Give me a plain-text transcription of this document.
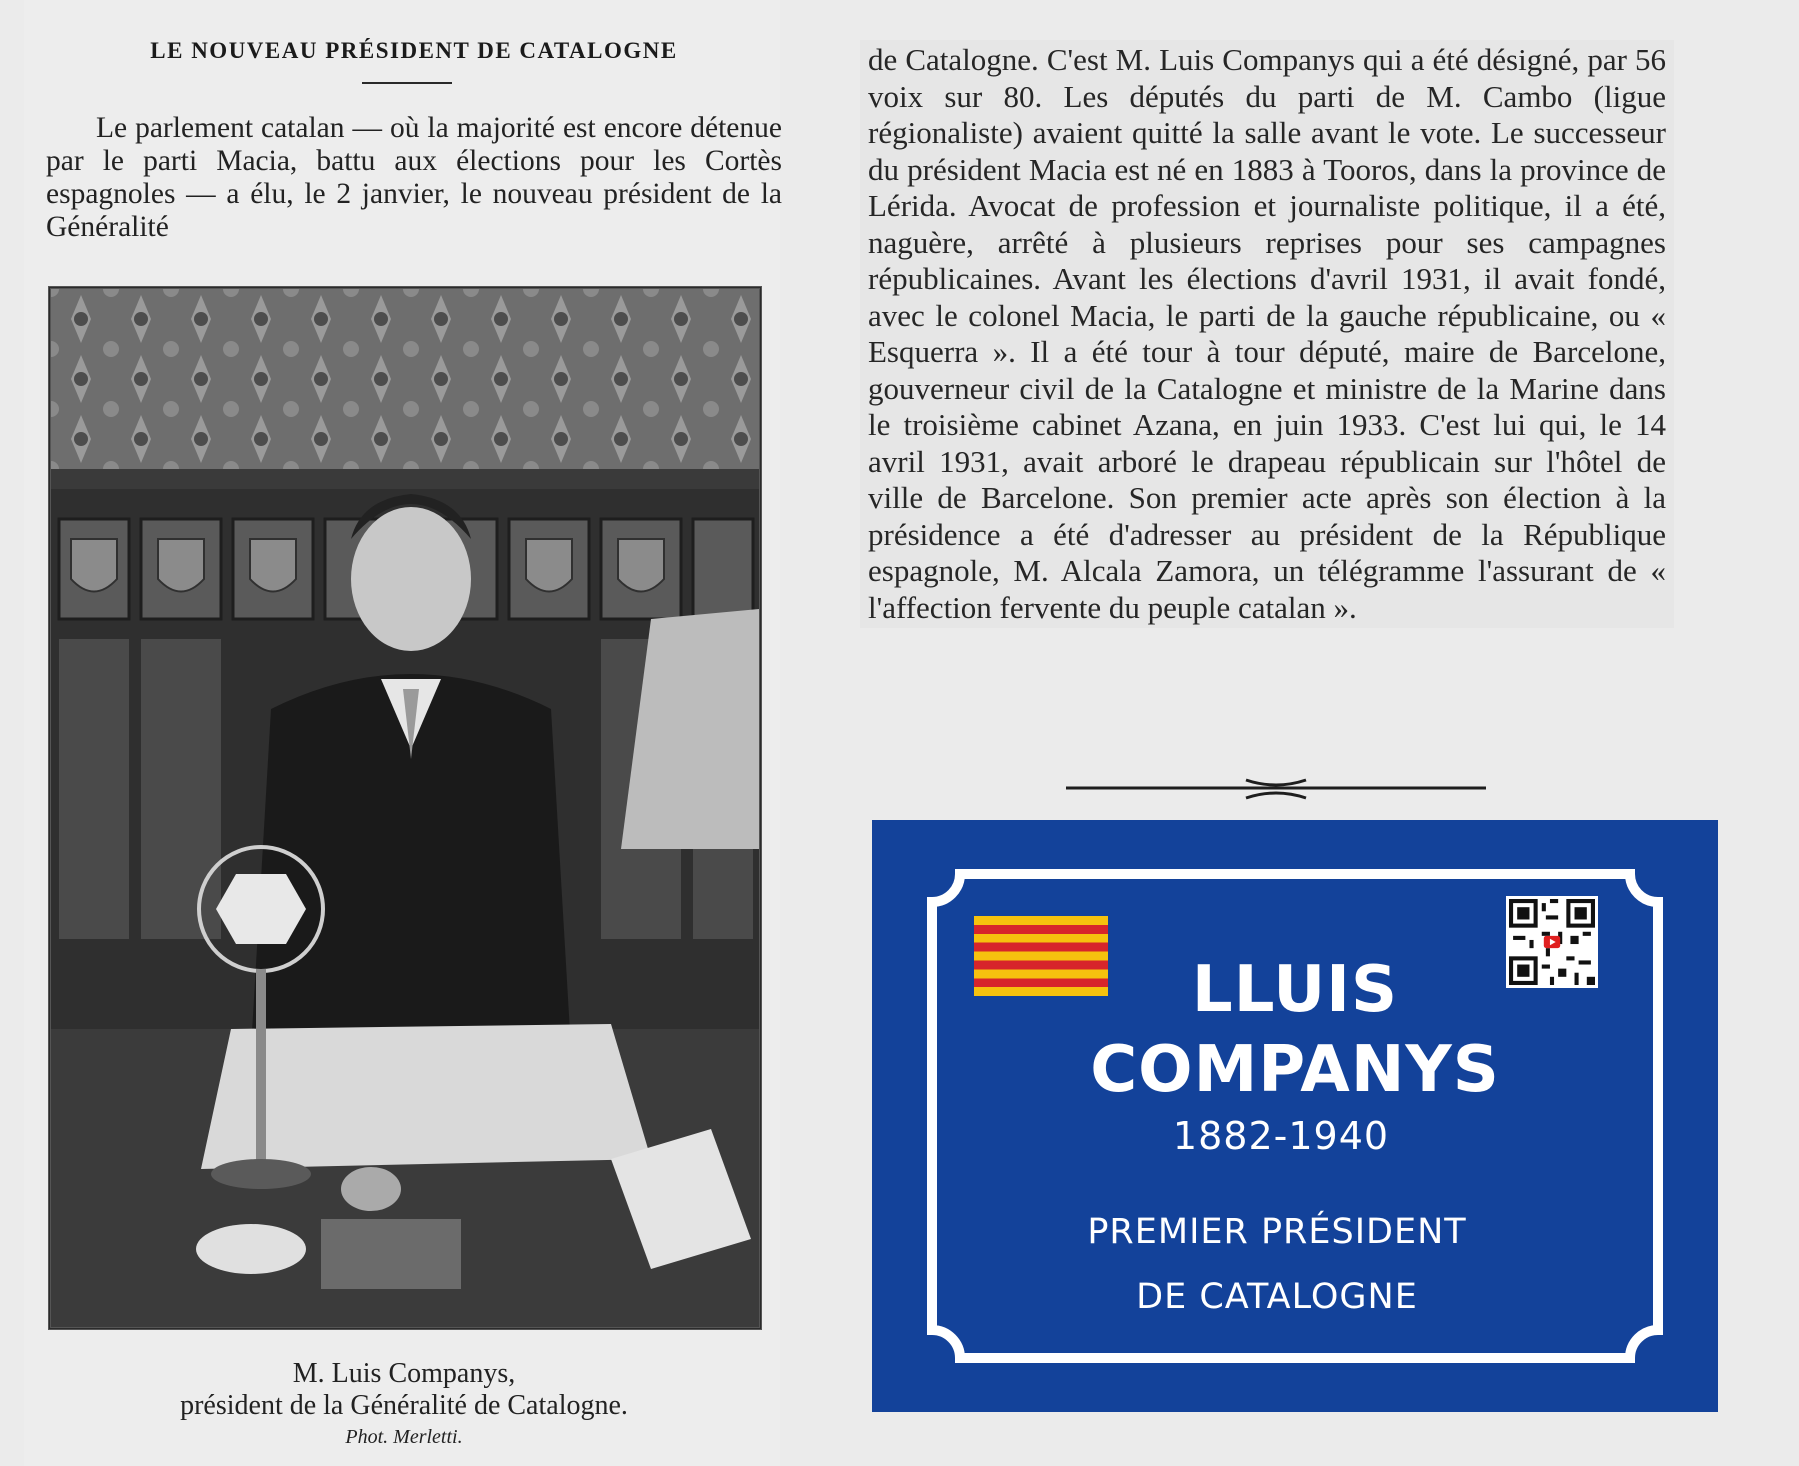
LE NOUVEAU PRÉSIDENT DE CATALOGNE
Le parlement catalan — où la majorité est encore détenue par le parti Macia, battu aux élections pour les Cortès espagnoles — a élu, le 2 janvier, le nouveau président de la Généralité
M. Luis Companys,
président de la Généralité de Catalogne.
Phot. Merletti.
de Catalogne. C'est M. Luis Companys qui a été désigné, par 56 voix sur 80. Les députés du parti de M. Cambo (ligue régionaliste) avaient quitté la salle avant le vote. Le successeur du président Macia est né en 1883 à Tooros, dans la province de Lérida. Avocat de profession et journaliste politique, il a été, naguère, arrêté à plusieurs reprises pour ses campagnes républicaines. Avant les élections d'avril 1931, il avait fondé, avec le colonel Macia, le parti de la gauche républicaine, ou « Esquerra ». Il a été tour à tour député, maire de Barcelone, gouverneur civil de la Catalogne et ministre de la Marine dans le troisième cabinet Azana, en juin 1933. C'est lui qui, le 14 avril 1931, avait arboré le drapeau républicain sur l'hôtel de ville de Barcelone. Son premier acte après son élection à la présidence a été d'adresser au président de la République espagnole, M. Alcala Zamora, un télégramme l'assurant de « l'affection fervente du peuple catalan ».
LLUIS
COMPANYS
1882-1940
PREMIER PRÉSIDENT
DE CATALOGNE
